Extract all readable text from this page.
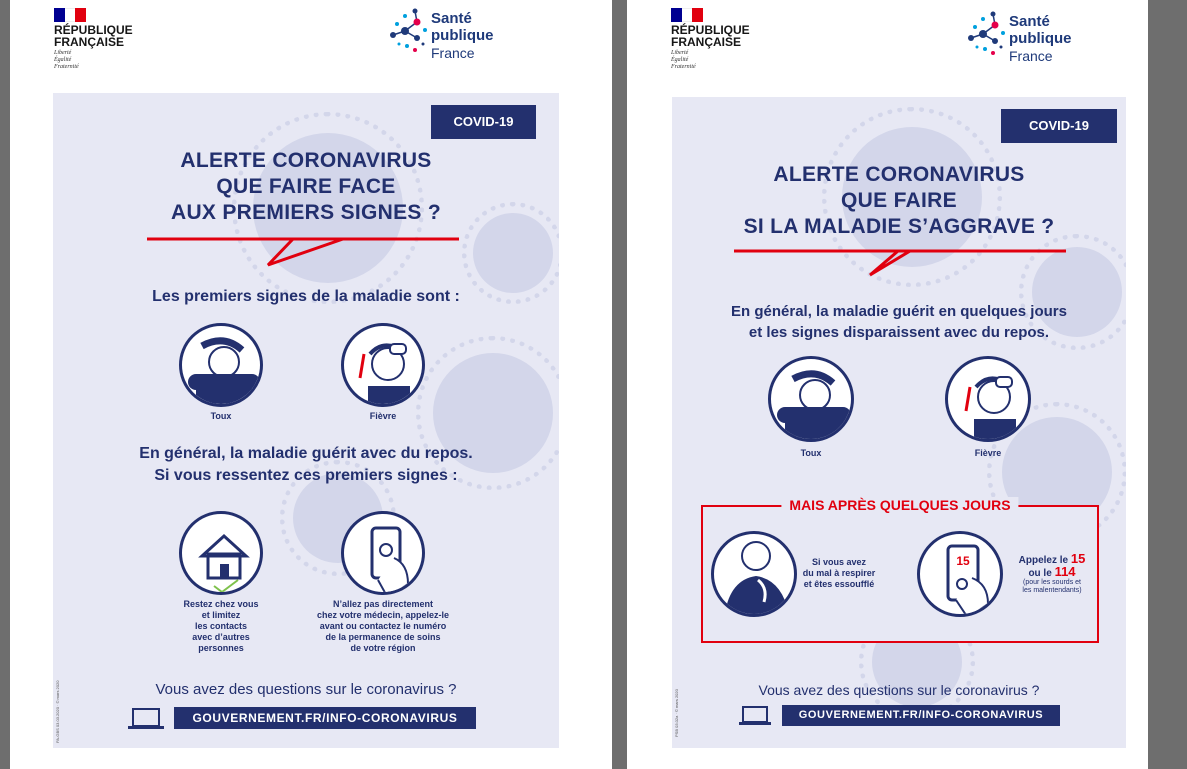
RÉPUBLIQUE
FRANÇAISE
Liberté
Égalité
Fraternité
Santé
publique
France
COVID-19
ALERTE CORONAVIRUS
QUE FAIRE FACE
AUX PREMIERS SIGNES ?
Les premiers signes de la maladie sont :
Toux	Fièvre
En général, la maladie guérit avec du repos.
Si vous ressentez ces premiers signes :
Restez chez vous
et limitez
les contacts
avec d’autres
personnes
N’allez pas directement
chez votre médecin, appelez-le
avant ou contactez le numéro
de la permanence de soins
de votre région
Vous avez des questions sur le coronavirus ?
GOUVERNEMENT.FR/INFO-CORONAVIRUS
PA-GBS 03.03.2020 · © mars 2020
RÉPUBLIQUE
FRANÇAISE
Liberté
Égalité
Fraternité
Santé
publique
France
COVID-19
ALERTE CORONAVIRUS
QUE FAIRE
SI LA MALADIE S’AGGRAVE ?
En général, la maladie guérit en quelques jours
et les signes disparaissent avec du repos.
Toux	Fièvre
MAIS APRÈS QUELQUES JOURS
Si vous avez
du mal à respirer
et êtes essoufflé
15	Appelez le 15
ou le 114
(pour les sourds et
les malentendants)
Vous avez des questions sur le coronavirus ?
GOUVERNEMENT.FR/INFO-CORONAVIRUS
PSB 03.02a · © mars 2020
